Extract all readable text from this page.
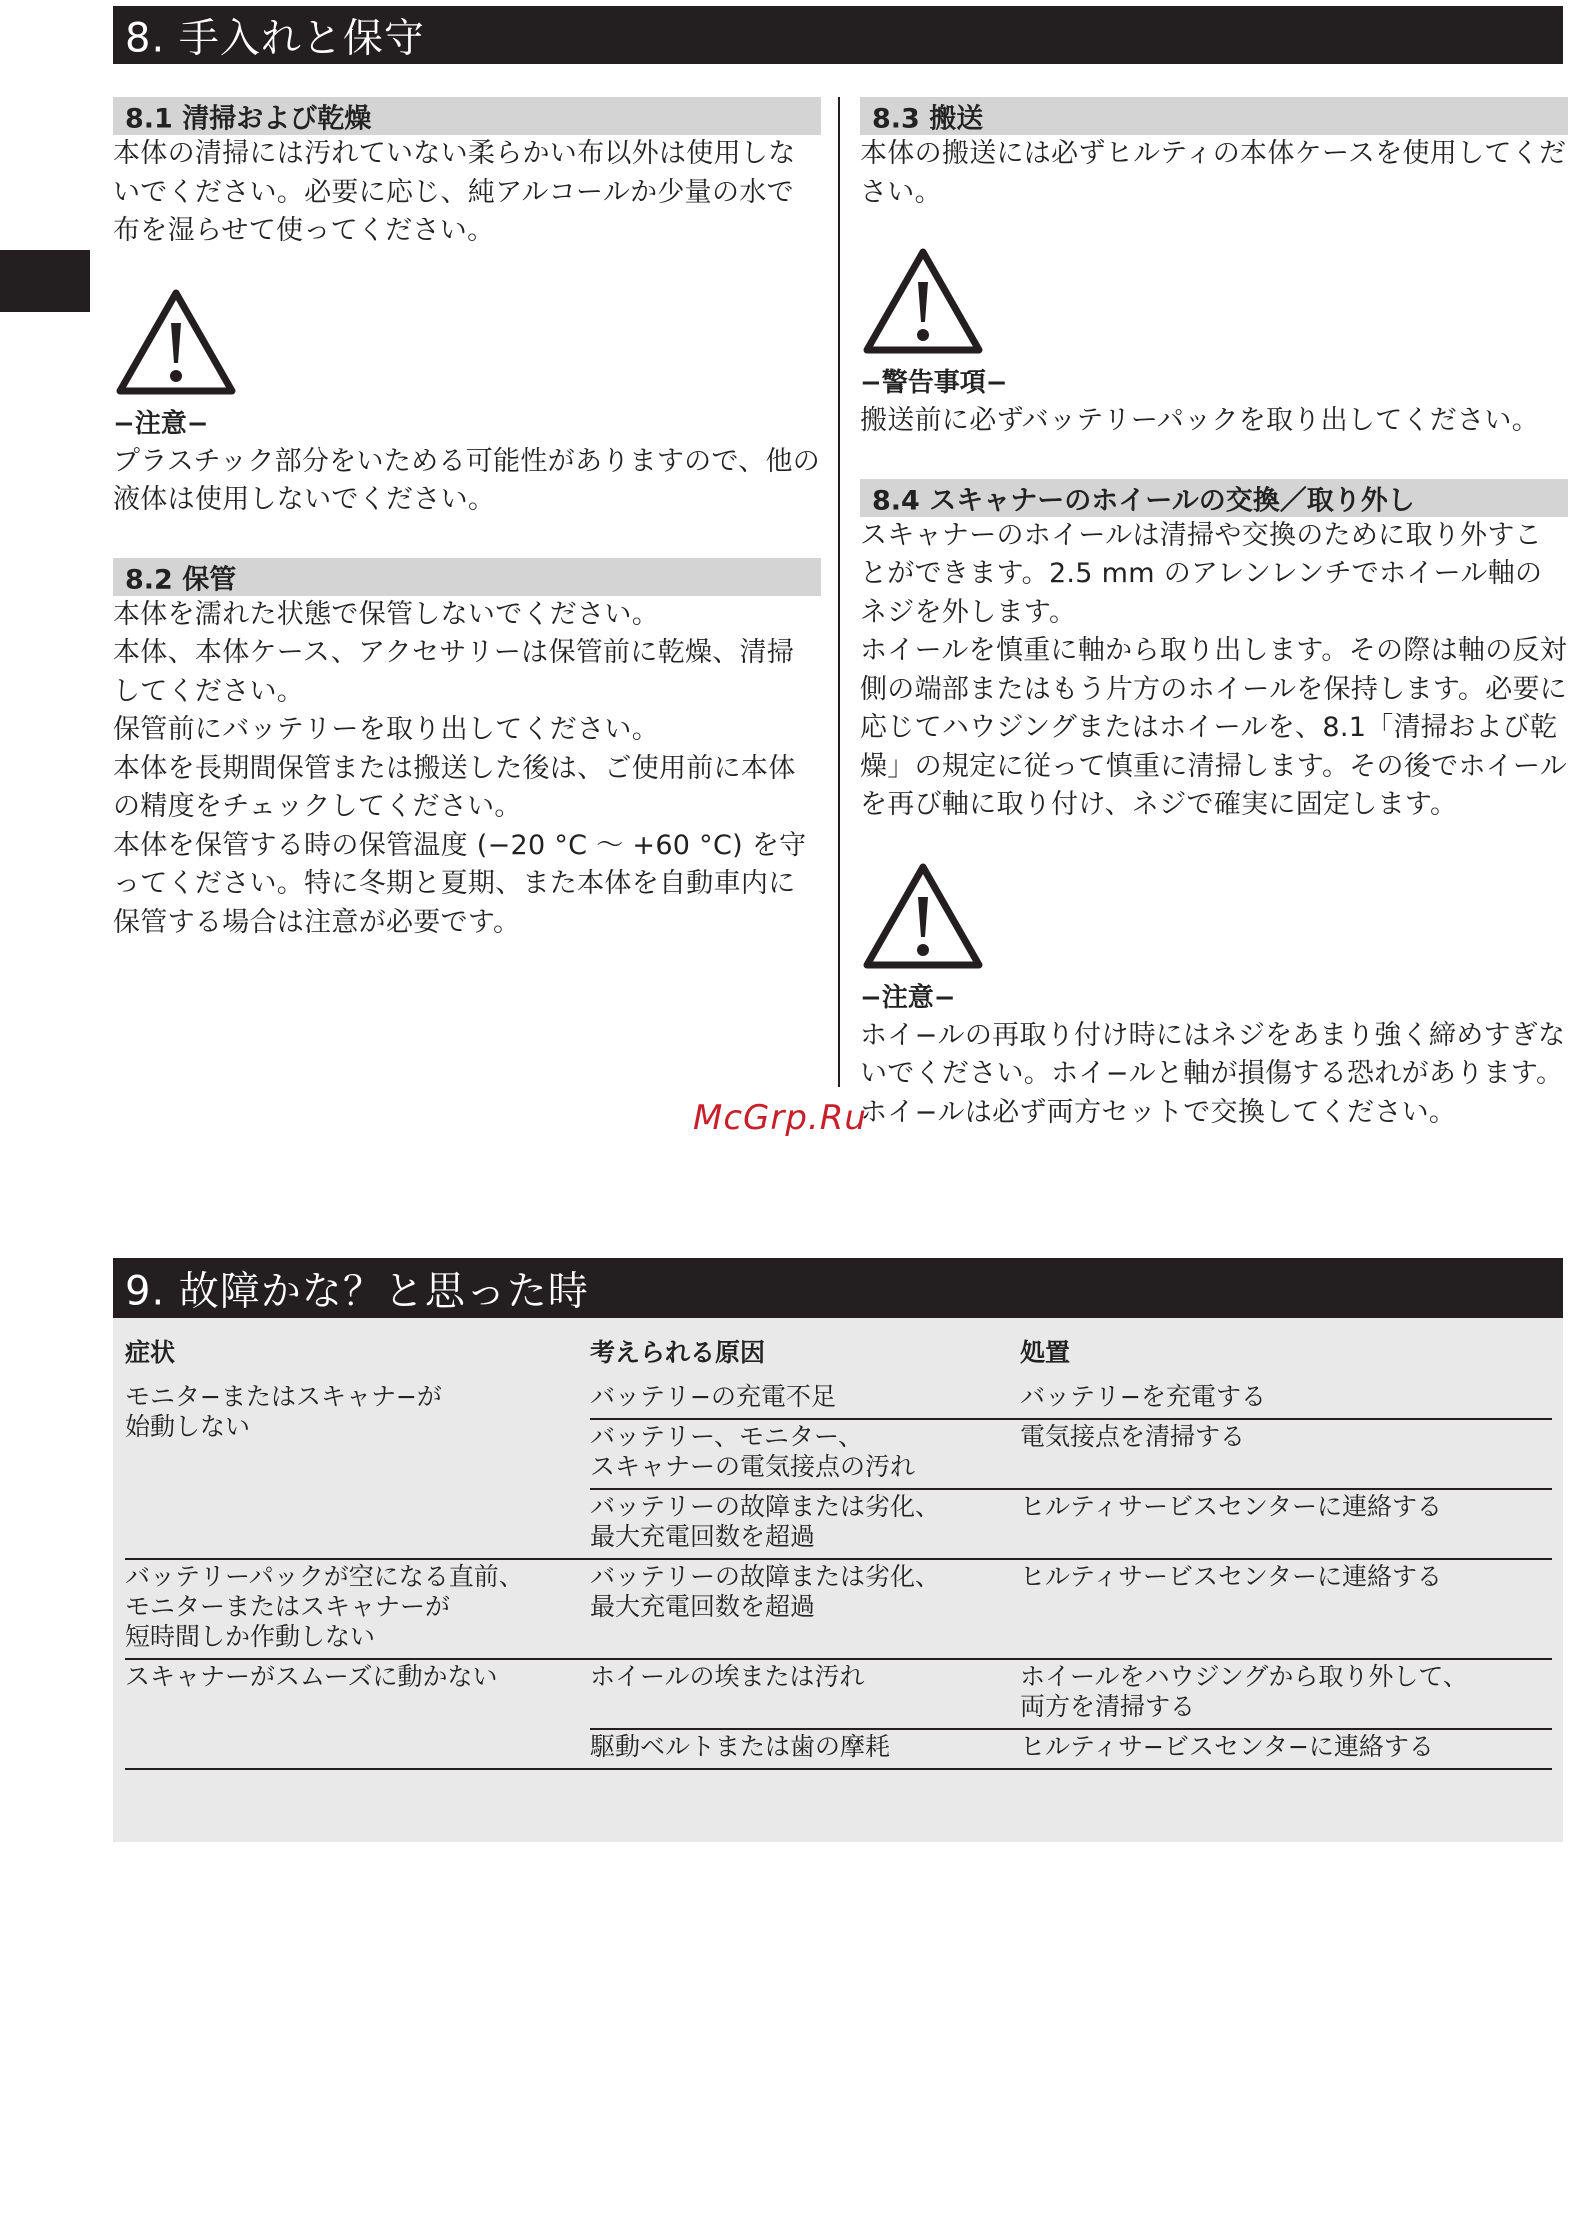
8. 手入れと保守
8.1 清掃および乾燥

本体の清掃には汚れていない柔らかい布以外は使用しないでください。必要に応じ、純アルコールか少量の水で布を湿らせて使ってください。

−注意−

プラスチック部分をいためる可能性がありますので、他の液体は使用しないでください。

8.2 保管

本体を濡れた状態で保管しないでください。

本体、本体ケース、アクセサリーは保管前に乾燥、清掃してください。

保管前にバッテリーを取り出してください。

本体を長期間保管または搬送した後は、ご使用前に本体の精度をチェックしてください。

本体を保管する時の保管温度 (−20 °C 〜 +60 °C) を守ってください。特に冬期と夏期、また本体を自動車内に保管する場合は注意が必要です。

8.3 搬送

本体の搬送には必ずヒルティの本体ケースを使用してください。

−警告事項−

搬送前に必ずバッテリーパックを取り出してください。

8.4 スキャナーのホイールの交換／取り外し

スキャナーのホイールは清掃や交換のために取り外すことができます。2.5 mm のアレンレンチでホイール軸のネジを外します。

ホイールを慎重に軸から取り出します。その際は軸の反対側の端部またはもう片方のホイールを保持します。必要に応じてハウジングまたはホイールを、8.1「清掃および乾燥」の規定に従って慎重に清掃します。その後でホイールを再び軸に取り付け、ネジで確実に固定します。

−注意−

ホイ−ルの再取り付け時にはネジをあまり強く締めすぎないでください。ホイ−ルと軸が損傷する恐れがあります。ホイ−ルは必ず両方セットで交換してください。

McGrp.Ru
9. 故障かな？と思った時
症状	考えられる原因	処置
モニタ−またはスキャナ−が
始動しない	バッテリ−の充電不足	バッテリ−を充電する
	バッテリー、モニター、
スキャナーの電気接点の汚れ	電気接点を清掃する
	バッテリーの故障または劣化、
最大充電回数を超過	ヒルティサービスセンターに連絡する
バッテリーパックが空になる直前、
モニターまたはスキャナーが
短時間しか作動しない	バッテリーの故障または劣化、
最大充電回数を超過	ヒルティサービスセンターに連絡する
スキャナーがスムーズに動かない	ホイールの埃または汚れ	ホイールをハウジングから取り外して、
両方を清掃する
	駆動ベルトまたは歯の摩耗	ヒルティサ−ビスセンタ−に連絡する
